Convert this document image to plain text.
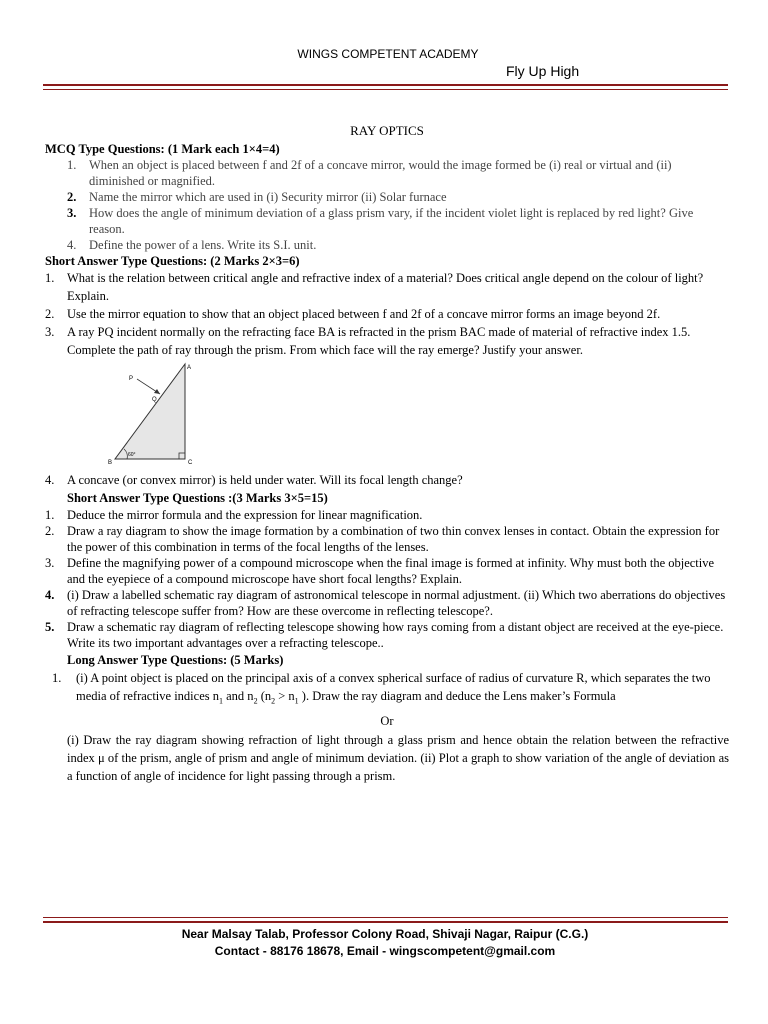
WINGS COMPETENT ACADEMY
Fly Up High
RAY OPTICS
MCQ Type Questions: (1 Mark each 1×4=4)
1.	When an object is placed between f and 2f of a concave mirror, would the image formed be (i) real or virtual and (ii) diminished or magnified.
2.	Name the mirror which are used in (i) Security mirror (ii) Solar furnace
3.	How does the angle of minimum deviation of a glass prism vary, if the incident violet light is replaced by red light? Give reason.
4.	Define the power of a lens. Write its S.I. unit.
Short Answer Type Questions: (2 Marks 2×3=6)
1.	What is the relation between critical angle and refractive index of a material? Does critical angle depend on the colour of light? Explain.
2.	Use the mirror equation to show that an object placed between f and 2f of a concave mirror forms an image beyond 2f.
3.	A ray PQ incident normally on the refracting face BA is refracted in the prism BAC made of material of refractive index 1.5. Complete the path of ray through the prism. From which face will the ray emerge? Justify your answer.
A
B	C
P
Q
60°
4.	A concave (or convex mirror) is held under water. Will its focal length change?
Short Answer Type Questions :(3 Marks 3×5=15)
1.	Deduce the mirror formula and the expression for linear magnification.
2.	Draw a ray diagram to show the image formation by a combination of two thin convex lenses in contact. Obtain the expression for the power of this combination in terms of the focal lengths of the lenses.
3.	Define the magnifying power of a compound microscope when the final image is formed at infinity. Why must both the objective and the eyepiece of a compound microscope have short focal lengths? Explain.
4.	(i) Draw a labelled schematic ray diagram of astronomical telescope in normal adjustment. (ii) Which two aberrations do objectives of refracting telescope suffer from? How are these overcome in reflecting telescope?.
5.	Draw a schematic ray diagram of reflecting telescope showing how rays coming from a distant object are received at the eye-piece. Write its two important advantages over a refracting telescope..
Long Answer Type Questions: (5 Marks)
1.	(i) A point object is placed on the principal axis of a convex spherical surface of radius of curvature R, which separates the two media of refractive indices $n_1$ and $n_2$ ($n_2 > n_1$ ). Draw the ray diagram and deduce the Lens maker’s Formula
Or
(i) Draw the ray diagram showing refraction of light through a glass prism and hence obtain the relation between the refractive index μ of the prism, angle of prism and angle of minimum deviation. (ii) Plot a graph to show variation of the angle of deviation as a function of angle of incidence for light passing through a prism.
Near Malsay Talab, Professor Colony Road, Shivaji Nagar, Raipur (C.G.)
Contact - 88176 18678, Email - wingscompetent@gmail.com
